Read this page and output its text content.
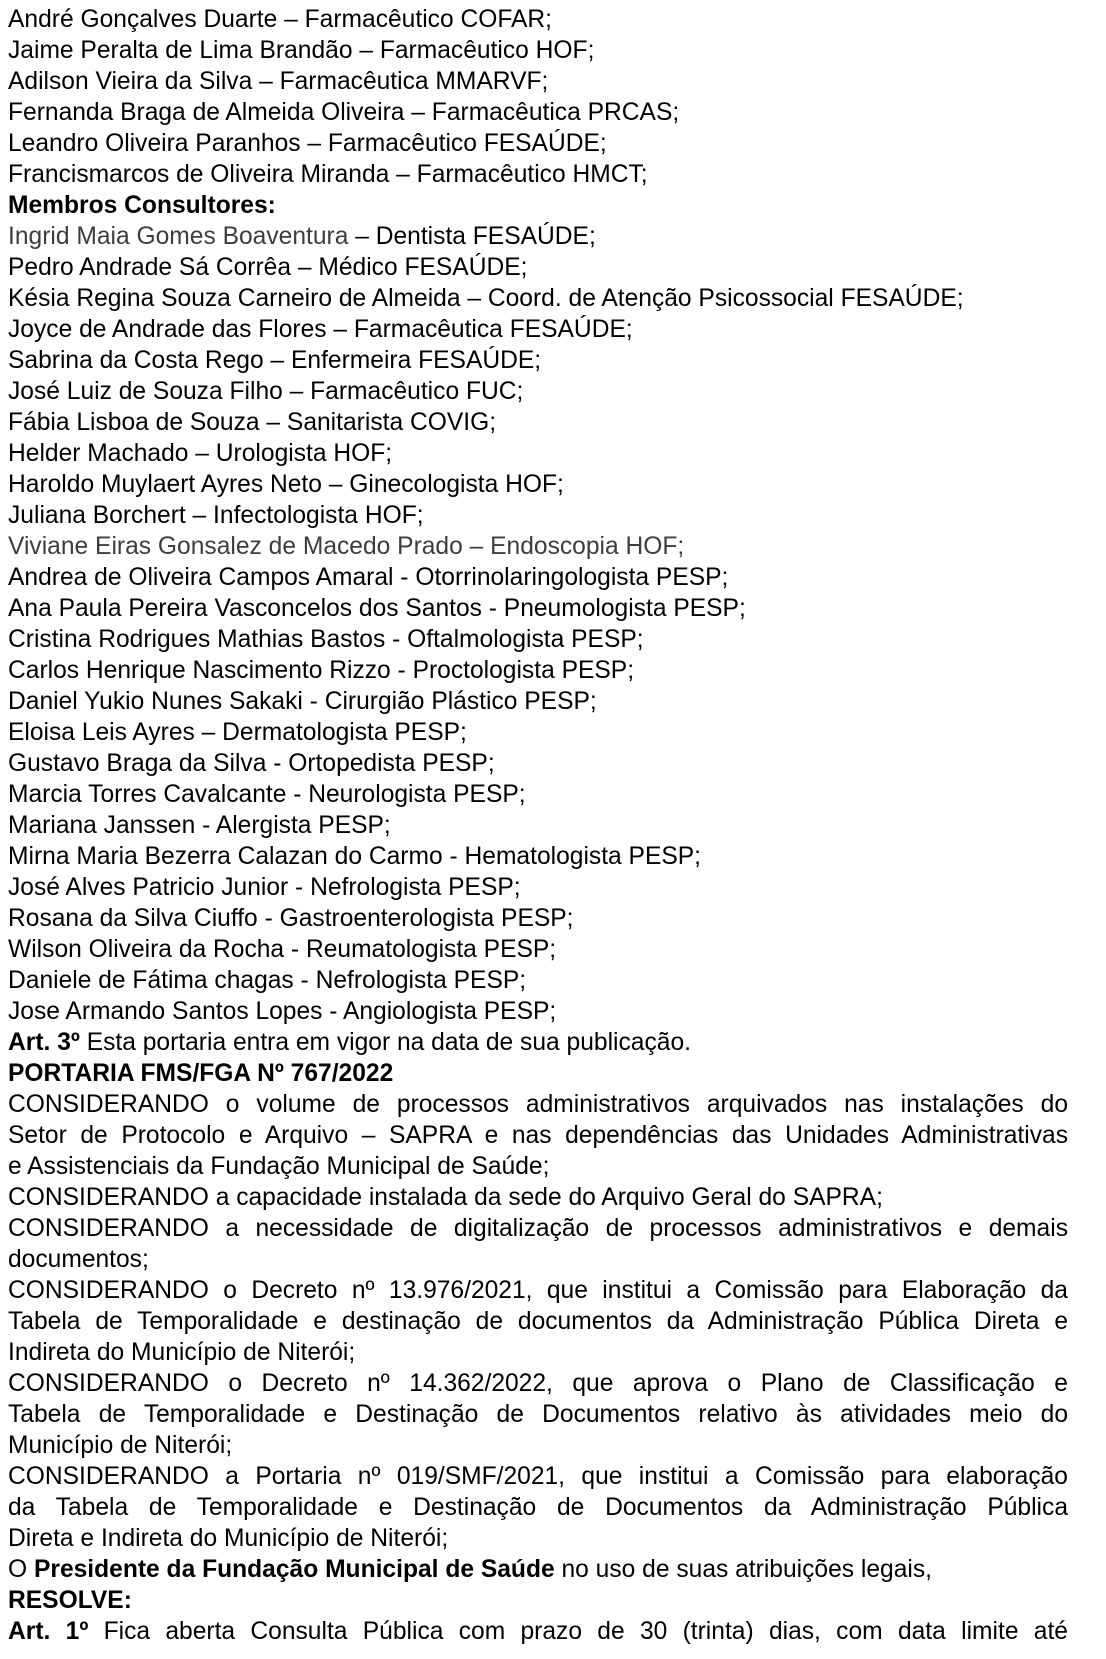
André Gonçalves Duarte – Farmacêutico COFAR;
Jaime Peralta de Lima Brandão – Farmacêutico HOF;
Adilson Vieira da Silva – Farmacêutica MMARVF;
Fernanda Braga de Almeida Oliveira – Farmacêutica PRCAS;
Leandro Oliveira Paranhos – Farmacêutico FESAÚDE;
Francismarcos de Oliveira Miranda – Farmacêutico HMCT;
Membros Consultores:
Ingrid Maia Gomes Boaventura – Dentista FESAÚDE;
Pedro Andrade Sá Corrêa – Médico FESAÚDE;
Késia Regina Souza Carneiro de Almeida – Coord. de Atenção Psicossocial FESAÚDE;
Joyce de Andrade das Flores – Farmacêutica FESAÚDE;
Sabrina da Costa Rego – Enfermeira FESAÚDE;
José Luiz de Souza Filho – Farmacêutico FUC;
Fábia Lisboa de Souza – Sanitarista COVIG;
Helder Machado – Urologista HOF;
Haroldo Muylaert Ayres Neto – Ginecologista HOF;
Juliana Borchert – Infectologista HOF;
Viviane Eiras Gonsalez de Macedo Prado – Endoscopia HOF;
Andrea de Oliveira Campos Amaral - Otorrinolaringologista PESP;
Ana Paula Pereira Vasconcelos dos Santos - Pneumologista PESP;
Cristina Rodrigues Mathias Bastos - Oftalmologista PESP;
Carlos Henrique Nascimento Rizzo - Proctologista PESP;
Daniel Yukio Nunes Sakaki - Cirurgião Plástico PESP;
Eloisa Leis Ayres – Dermatologista PESP;
Gustavo Braga da Silva - Ortopedista PESP;
Marcia Torres Cavalcante - Neurologista PESP;
Mariana Janssen - Alergista PESP;
Mirna Maria Bezerra Calazan do Carmo - Hematologista PESP;
José Alves Patricio Junior - Nefrologista PESP;
Rosana da Silva Ciuffo - Gastroenterologista PESP;
Wilson Oliveira da Rocha - Reumatologista PESP;
Daniele de Fátima chagas - Nefrologista PESP;
Jose Armando Santos Lopes - Angiologista PESP;
Art. 3º Esta portaria entra em vigor na data de sua publicação.
PORTARIA FMS/FGA Nº 767/2022
CONSIDERANDO o volume de processos administrativos arquivados nas instalações do
Setor de Protocolo e Arquivo – SAPRA e nas dependências das Unidades Administrativas
e Assistenciais da Fundação Municipal de Saúde;
CONSIDERANDO a capacidade instalada da sede do Arquivo Geral do SAPRA;
CONSIDERANDO a necessidade de digitalização de processos administrativos e demais
documentos;
CONSIDERANDO o Decreto nº 13.976/2021, que institui a Comissão para Elaboração da
Tabela de Temporalidade e destinação de documentos da Administração Pública Direta e
Indireta do Município de Niterói;
CONSIDERANDO o Decreto nº 14.362/2022, que aprova o Plano de Classificação e
Tabela de Temporalidade e Destinação de Documentos relativo às atividades meio do
Município de Niterói;
CONSIDERANDO a Portaria nº 019/SMF/2021, que institui a Comissão para elaboração
da Tabela de Temporalidade e Destinação de Documentos da Administração Pública
Direta e Indireta do Município de Niterói;
O Presidente da Fundação Municipal de Saúde no uso de suas atribuições legais,
RESOLVE:
Art. 1º Fica aberta Consulta Pública com prazo de 30 (trinta) dias, com data limite até
